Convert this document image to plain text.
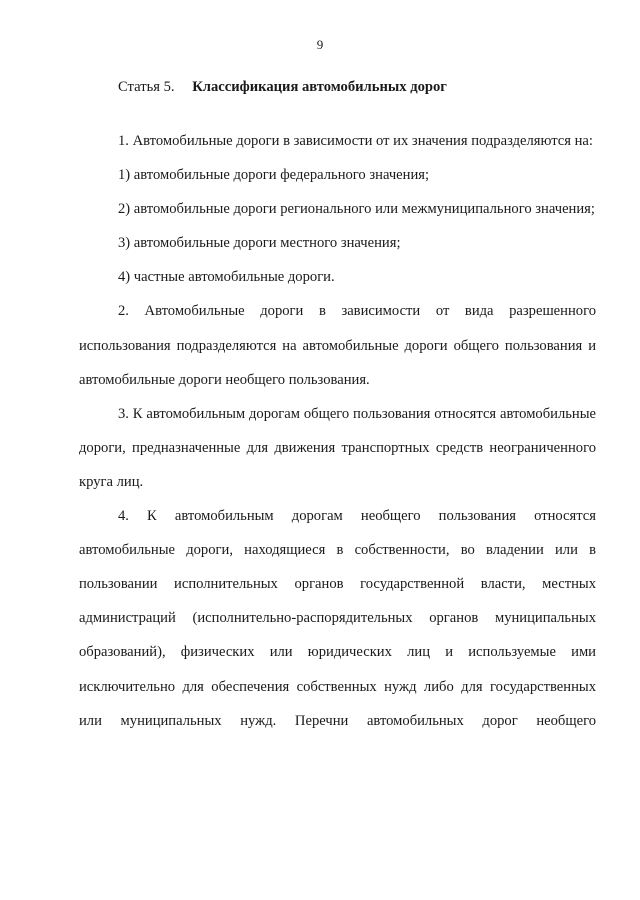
9
Статья 5. Классификация автомобильных дорог

1. Автомобильные дороги в зависимости от их значения подразделяются на:

1) автомобильные дороги федерального значения;

2) автомобильные дороги регионального или межмуниципального значения;

3) автомобильные дороги местного значения;

4) частные автомобильные дороги.

2. Автомобильные дороги в зависимости от вида разрешенного использования подразделяются на автомобильные дороги общего пользования и автомобильные дороги необщего пользования.

3. К автомобильным дорогам общего пользования относятся автомобильные дороги, предназначенные для движения транспортных средств неограниченного круга лиц.

4. К автомобильным дорогам необщего пользования относятся автомобильные дороги, находящиеся в собственности, во владении или в пользовании исполнительных органов государственной власти, местных администраций (исполнительно-распорядительных органов муниципальных образований), физических или юридических лиц и используемые ими исключительно для обеспечения собственных нужд либо для государственных или муниципальных нужд. Перечни автомобильных дорог необщего
